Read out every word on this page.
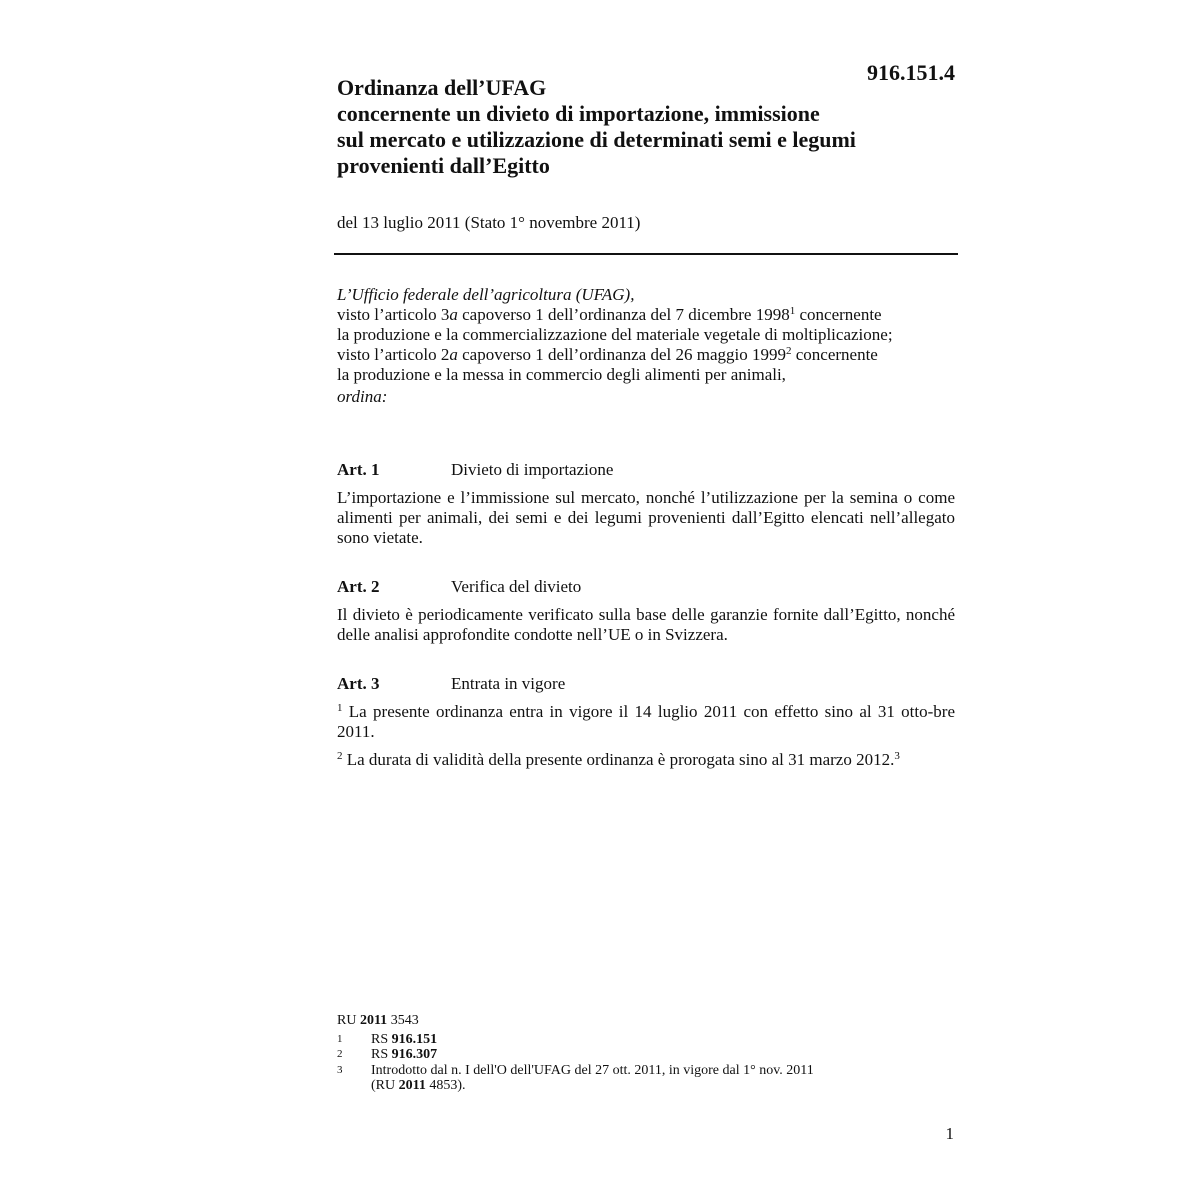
916.151.4
Ordinanza dell’UFAG
concernente un divieto di importazione, immissione
sul mercato e utilizzazione di determinati semi e legumi
provenienti dall’Egitto
del 13 luglio 2011 (Stato 1° novembre 2011)
L’Ufficio federale dell’agricoltura (UFAG),
visto l’articolo 3a capoverso 1 dell’ordinanza del 7 dicembre 1998$^1$ concernente
la produzione e la commercializzazione del materiale vegetale di moltiplicazione;
visto l’articolo 2a capoverso 1 dell’ordinanza del 26 maggio 1999$^2$ concernente
la produzione e la messa in commercio degli alimenti per animali,
ordina:
Art. 1	Divieto di importazione
L’importazione e l’immissione sul mercato, nonché l’utilizzazione per la semina o come alimenti per animali, dei semi e dei legumi provenienti dall’Egitto elencati nell’allegato sono vietate.
Art. 2	Verifica del divieto
Il divieto è periodicamente verificato sulla base delle garanzie fornite dall’Egitto, nonché delle analisi approfondite condotte nell’UE o in Svizzera.
Art. 3	Entrata in vigore
$^1$ La presente ordinanza entra in vigore il 14 luglio 2011 con effetto sino al 31 otto-bre 2011.
$^2$ La durata di validità della presente ordinanza è prorogata sino al 31 marzo 2012.$^3$
RU 2011 3543
1 RS 916.151
2 RS 916.307
3 Introdotto dal n. I dell'O dell'UFAG del 27 ott. 2011, in vigore dal 1° nov. 2011
(RU 2011 4853).
1
